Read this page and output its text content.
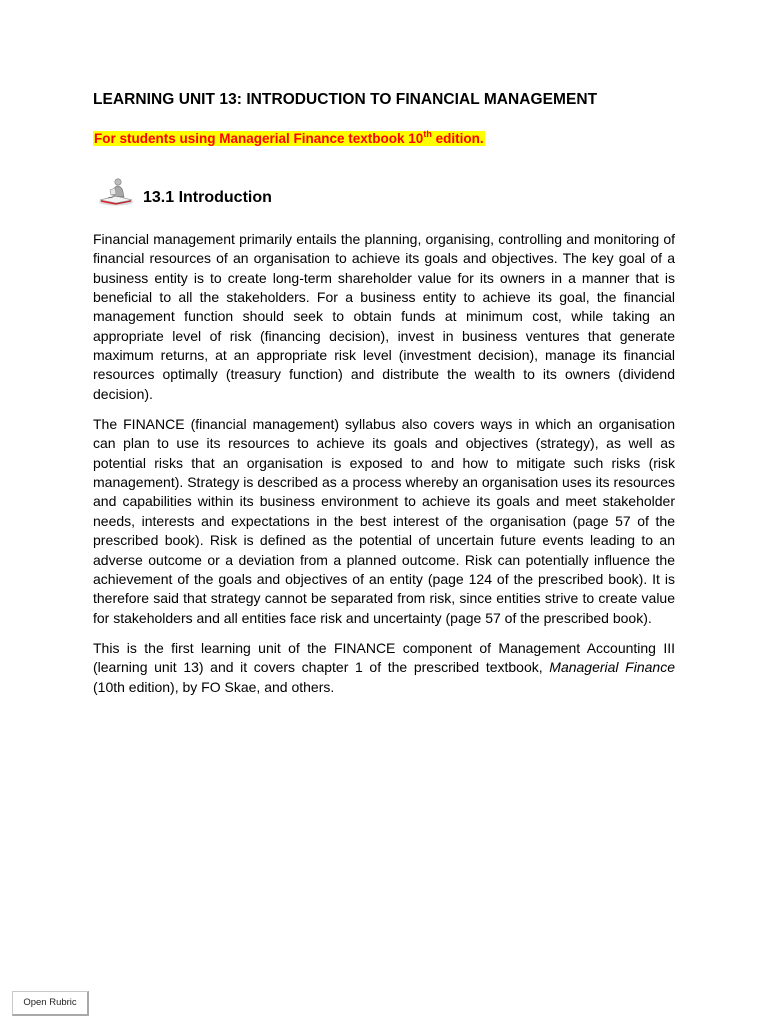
LEARNING UNIT 13: INTRODUCTION TO FINANCIAL MANAGEMENT
For students using Managerial Finance textbook 10th edition.
13.1 Introduction

Financial management primarily entails the planning, organising, controlling and monitoring of financial resources of an organisation to achieve its goals and objectives. The key goal of a business entity is to create long-term shareholder value for its owners in a manner that is beneficial to all the stakeholders. For a business entity to achieve its goal, the financial management function should seek to obtain funds at minimum cost, while taking an appropriate level of risk (financing decision), invest in business ventures that generate maximum returns, at an appropriate risk level (investment decision), manage its financial resources optimally (treasury function) and distribute the wealth to its owners (dividend decision).

The FINANCE (financial management) syllabus also covers ways in which an organisation can plan to use its resources to achieve its goals and objectives (strategy), as well as potential risks that an organisation is exposed to and how to mitigate such risks (risk management). Strategy is described as a process whereby an organisation uses its resources and capabilities within its business environment to achieve its goals and meet stakeholder needs, interests and expectations in the best interest of the organisation (page 57 of the prescribed book). Risk is defined as the potential of uncertain future events leading to an adverse outcome or a deviation from a planned outcome. Risk can potentially influence the achievement of the goals and objectives of an entity (page 124 of the prescribed book). It is therefore said that strategy cannot be separated from risk, since entities strive to create value for stakeholders and all entities face risk and uncertainty (page 57 of the prescribed book).

This is the first learning unit of the FINANCE component of Management Accounting III (learning unit 13) and it covers chapter 1 of the prescribed textbook, Managerial Finance (10th edition), by FO Skae, and others.

Open Rubric
